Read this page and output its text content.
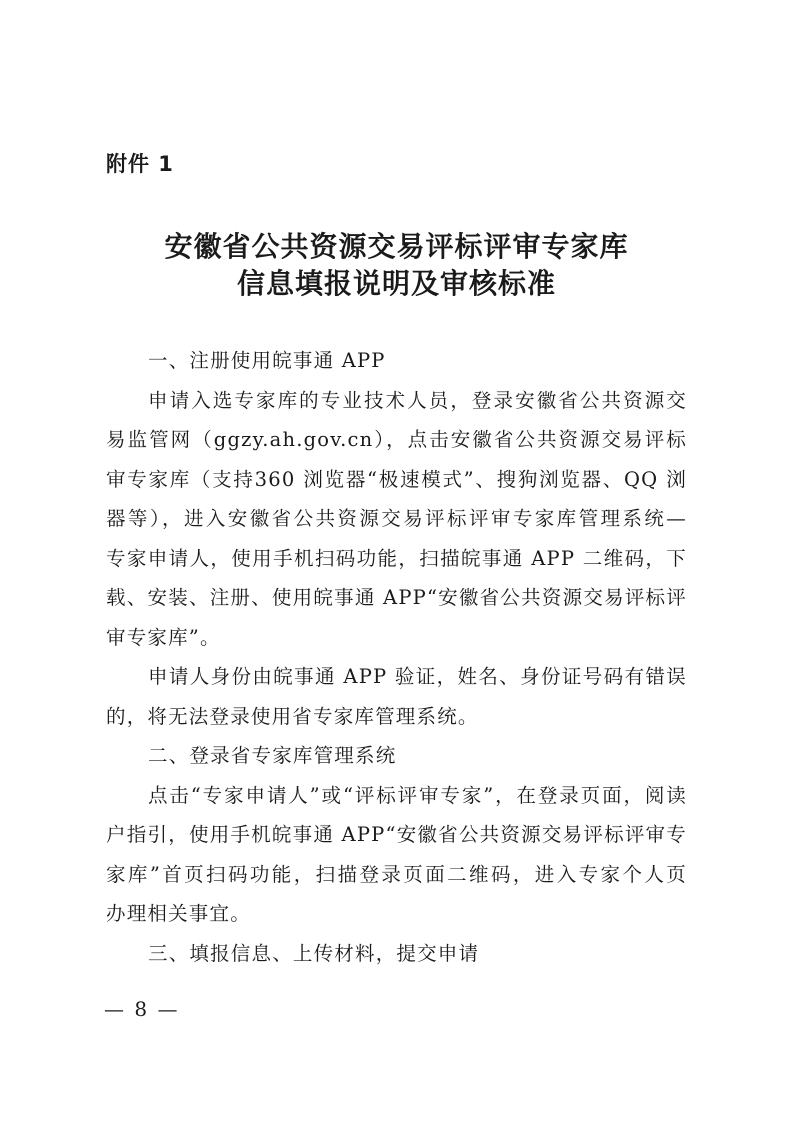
附件 1
安徽省公共资源交易评标评审专家库
信息填报说明及审核标准
一、注册使用皖事通 APP
申请入选专家库的专业技术人员，登录安徽省公共资源交
易监管网（ggzy.ah.gov.cn），点击安徽省公共资源交易评标
审专家库（支持360 浏览器“极速模式”、搜狗浏览器、QQ 浏
器等），进入安徽省公共资源交易评标评审专家库管理系统—
专家申请人，使用手机扫码功能，扫描皖事通 APP 二维码，下
载、安装、注册、使用皖事通 APP“安徽省公共资源交易评标评
审专家库”。
申请人身份由皖事通 APP 验证，姓名、身份证号码有错误
的，将无法登录使用省专家库管理系统。
二、登录省专家库管理系统
点击“专家申请人”或“评标评审专家”，在登录页面，阅读
户指引，使用手机皖事通 APP“安徽省公共资源交易评标评审专
家库”首页扫码功能，扫描登录页面二维码，进入专家个人页
办理相关事宜。
三、填报信息、上传材料，提交申请
— 8 —
